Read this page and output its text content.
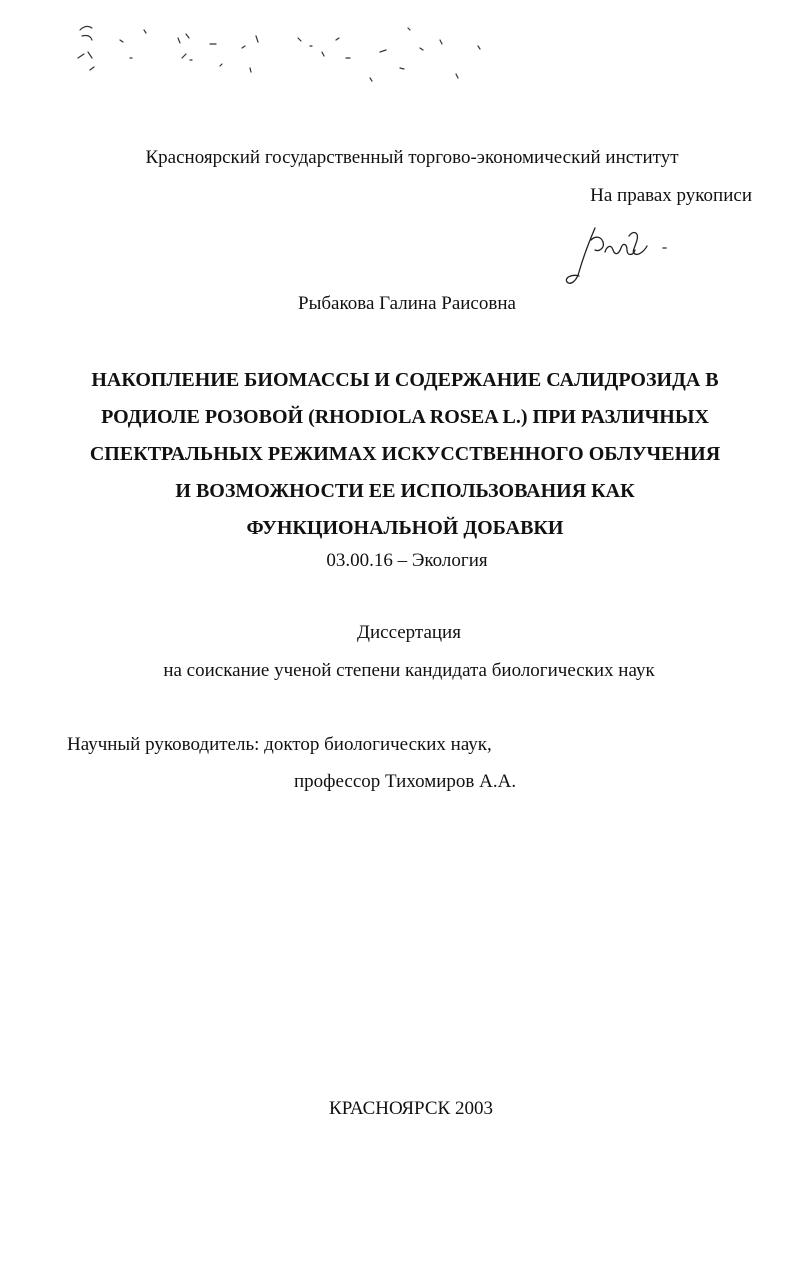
Красноярский государственный торгово-экономический институт
На правах рукописи
Рыбакова Галина Раисовна
НАКОПЛЕНИЕ БИОМАССЫ И СОДЕРЖАНИЕ САЛИДРОЗИДА В
РОДИОЛЕ РОЗОВОЙ (RHODIOLA ROSEA L.) ПРИ РАЗЛИЧНЫХ
СПЕКТРАЛЬНЫХ РЕЖИМАХ ИСКУССТВЕННОГО ОБЛУЧЕНИЯ
И ВОЗМОЖНОСТИ ЕЕ ИСПОЛЬЗОВАНИЯ КАК
ФУНКЦИОНАЛЬНОЙ ДОБАВКИ
03.00.16 – Экология
Диссертация
на соискание ученой степени кандидата биологических наук
Научный руководитель: доктор биологических наук,
профессор Тихомиров А.А.
КРАСНОЯРСК 2003
